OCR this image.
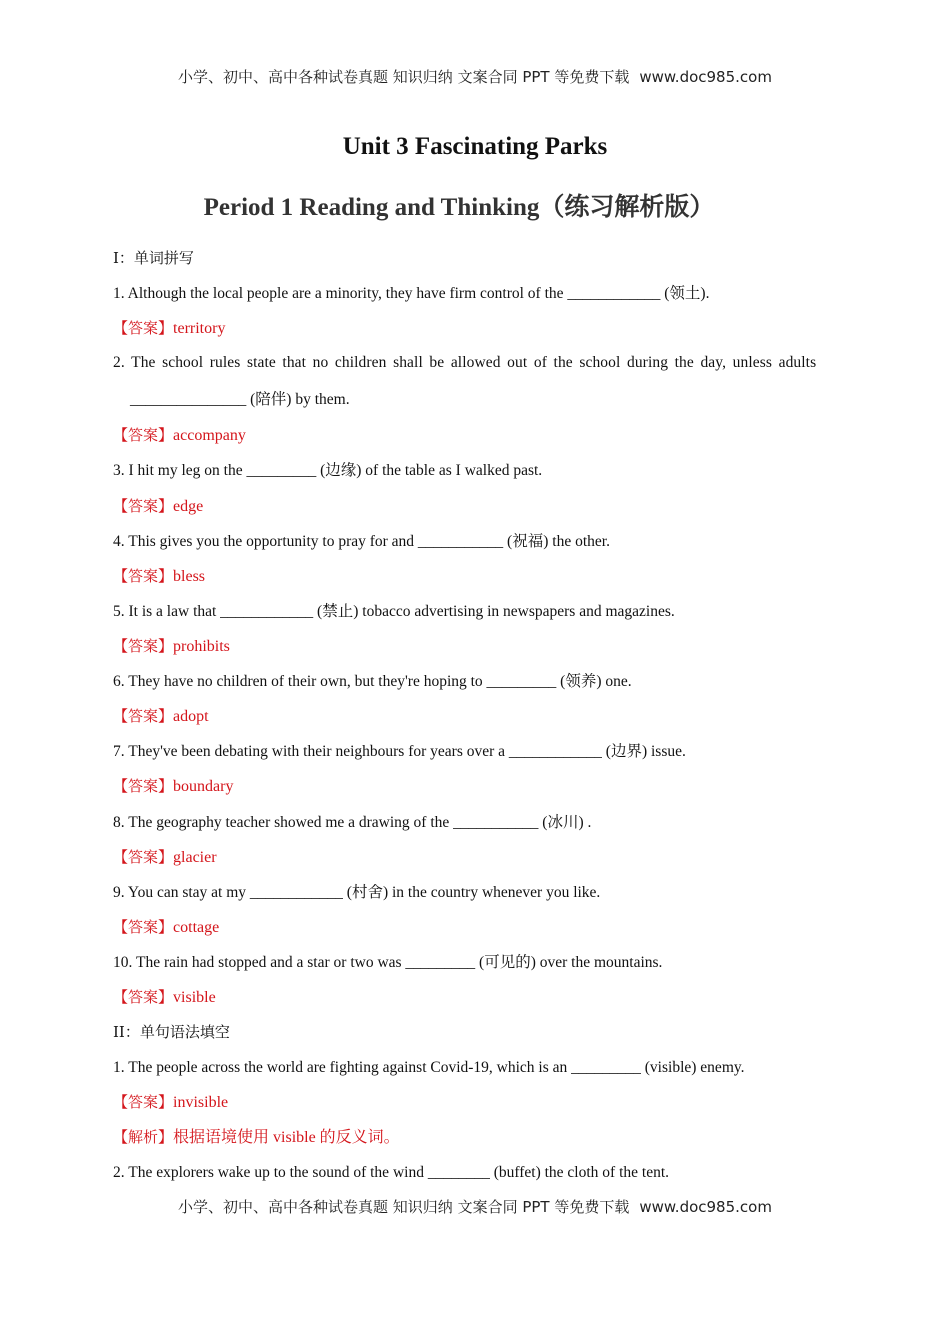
小学、初中、高中各种试卷真题 知识归纳 文案合同 PPT 等免费下载 www.doc985.com
Unit 3 Fascinating Parks
Period 1 Reading and Thinking（练习解析版）
I：单词拼写
1. Although the local people are a minority, they have firm control of the ____________ (领土).
【答案】territory
2. The school rules state that no children shall be allowed out of the school during the day, unless adults
_______________ (陪伴) by them.
【答案】accompany
3. I hit my leg on the _________ (边缘) of the table as I walked past.
【答案】edge
4. This gives you the opportunity to pray for and ___________ (祝福) the other.
【答案】bless
5. It is a law that ____________ (禁止) tobacco advertising in newspapers and magazines.
【答案】prohibits
6. They have no children of their own, but they're hoping to _________ (领养) one.
【答案】adopt
7. They've been debating with their neighbours for years over a ____________ (边界) issue.
【答案】boundary
8. The geography teacher showed me a drawing of the ___________ (冰川) .
【答案】glacier
9. You can stay at my ____________ (村舍) in the country whenever you like.
【答案】cottage
10. The rain had stopped and a star or two was _________ (可见的) over the mountains.
【答案】visible
II：单句语法填空
1. The people across the world are fighting against Covid-19, which is an _________ (visible) enemy.
【答案】invisible
【解析】根据语境使用 visible 的反义词。
2. The explorers wake up to the sound of the wind ________ (buffet) the cloth of the tent.
小学、初中、高中各种试卷真题 知识归纳 文案合同 PPT 等免费下载 www.doc985.com
